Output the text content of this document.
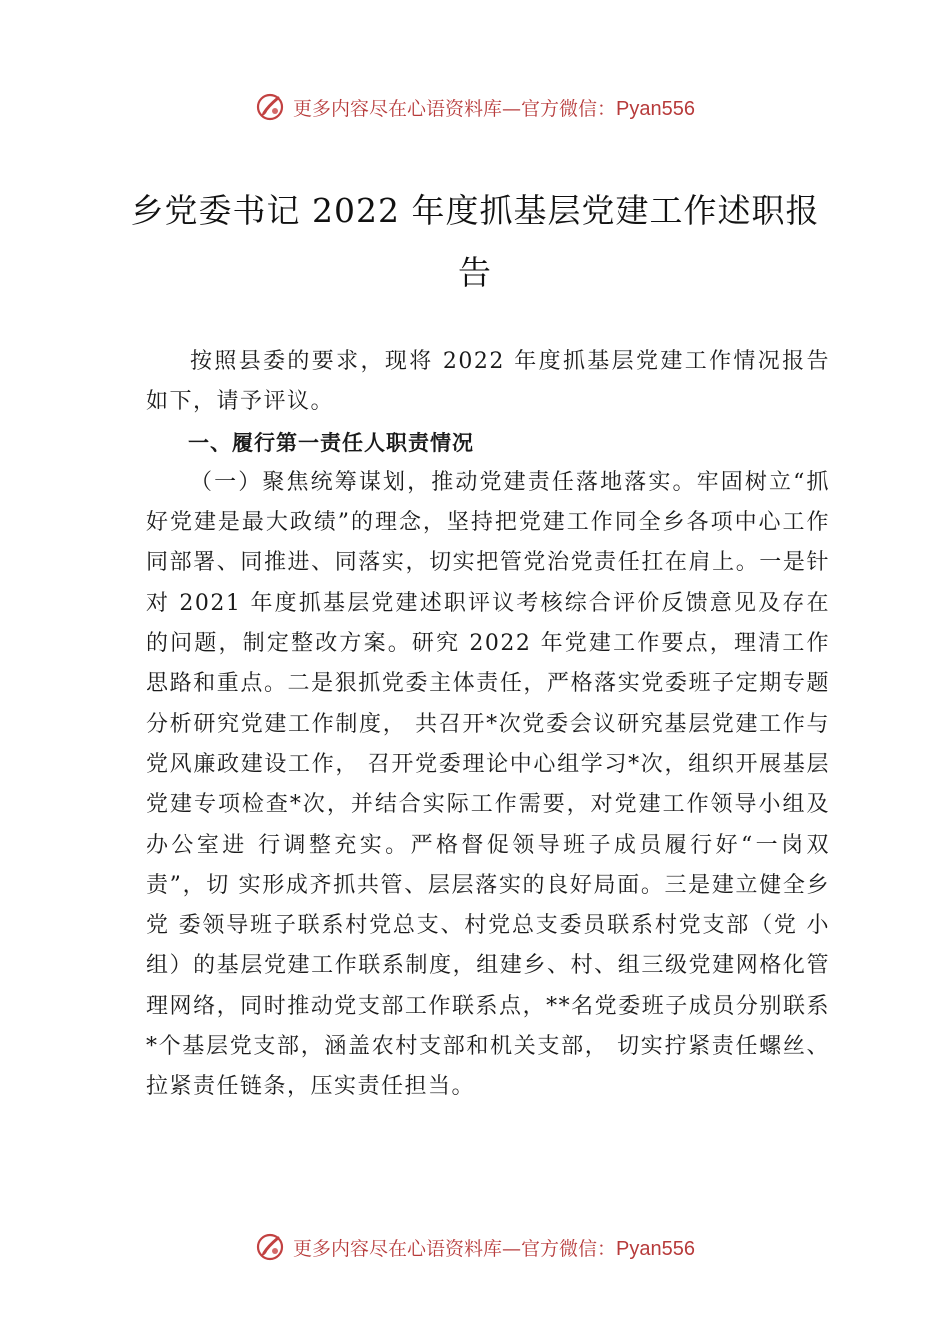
更多内容尽在心语资料库—官方微信：Pyan556
乡党委书记 2022 年度抓基层党建工作述职报告

按照县委的要求，现将 2022 年度抓基层党建工作情况报告如下，请予评议。

一、履行第一责任人职责情况

（一）聚焦统筹谋划，推动党建责任落地落实。牢固树立“抓好党建是最大政绩”的理念，坚持把党建工作同全乡各项中心工作同部署、同推进、同落实，切实把管党治党责任扛在肩上。一是针对 2021 年度抓基层党建述职评议考核综合评价反馈意见及存在的问题，制定整改方案。研究 2022 年党建工作要点，理清工作思路和重点。二是狠抓党委主体责任，严格落实党委班子定期专题分析研究党建工作制度， 共召开*次党委会议研究基层党建工作与党风廉政建设工作， 召开党委理论中心组学习*次，组织开展基层党建专项检查*次，并结合实际工作需要，对党建工作领导小组及办公室进 行调整充实。严格督促领导班子成员履行好“一岗双责”，切 实形成齐抓共管、层层落实的良好局面。三是建立健全乡党 委领导班子联系村党总支、村党总支委员联系村党支部（党 小组）的基层党建工作联系制度，组建乡、村、组三级党建网格化管理网络，同时推动党支部工作联系点，**名党委班子成员分别联系*个基层党支部，涵盖农村支部和机关支部， 切实拧紧责任螺丝、拉紧责任链条，压实责任担当。

更多内容尽在心语资料库—官方微信：Pyan556
